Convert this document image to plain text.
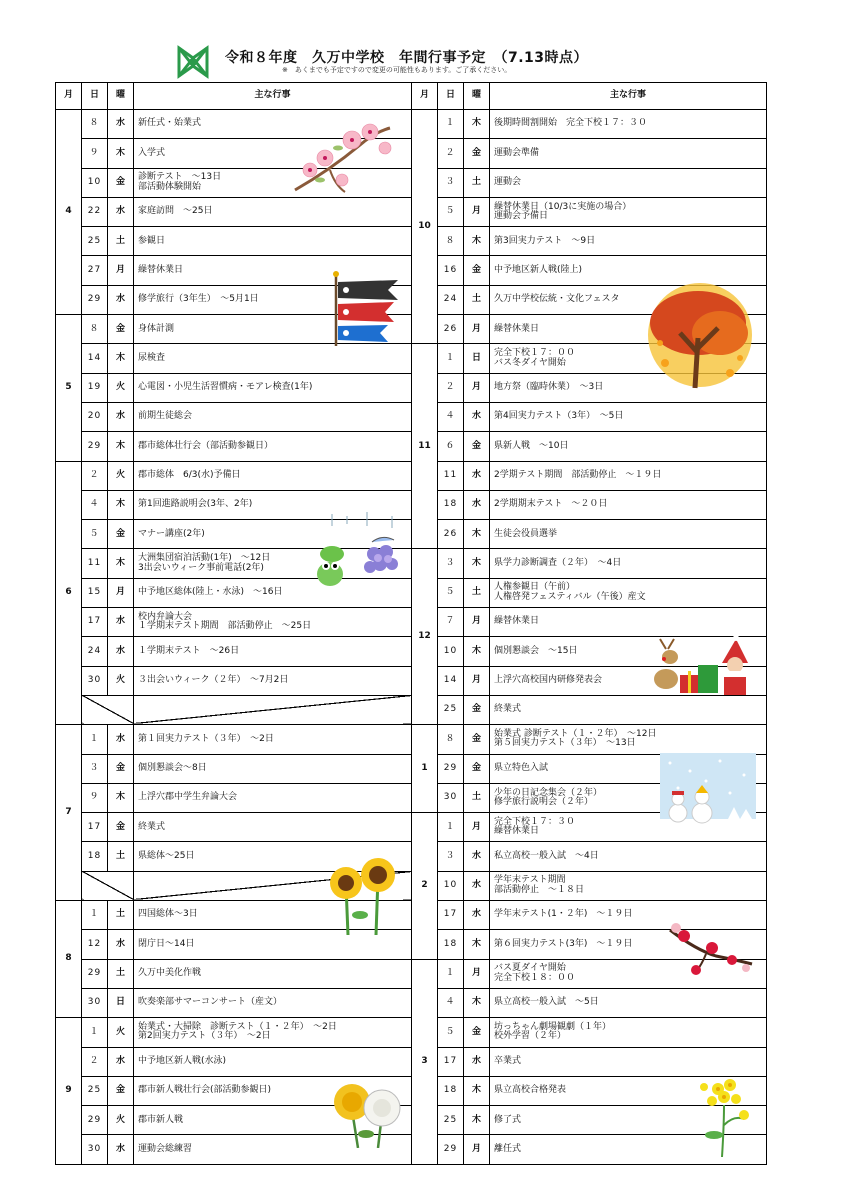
令和８年度　久万中学校　年間行事予定　（7.13時点）
※　あくまでも予定ですので変更の可能性もあります。ご了承ください。
月	日	曜	主な行事
4	８	水	新任式・始業式
	９	木	入学式
	10	金	診断テスト　～13日
部活動体験開始
	22	水	家庭訪問　～25日
	25	土	参観日
	27	月	繰替休業日
	29	水	修学旅行（3年生）　～5月1日
5	８	金	身体計測
	14	木	尿検査
	19	火	心電図・小児生活習慣病・モアレ検査(1年)
	20	水	前期生徒総会
	29	木	郡市総体壮行会（部活動参観日）
6	２	火	郡市総体　6/3(水)予備日
	４	木	第1回進路説明会(3年、2年)
	５	金	マナー講座(2年)
	11	木	大洲集団宿泊活動(1年)　～12日
3出会いウィーク事前電話(2年)
	15	月	中予地区総体(陸上・水泳)　～16日
	17	水	校内弁論大会
１学期末テスト期間　部活動停止　～25日
	24	水	１学期末テスト　～26日
	30	火	３出会いウィーク（２年）　～7月2日

7	１	水	第１回実力テスト（３年）　～2日
	３	金	個別懇談会～8日
	９	木	上浮穴郡中学生弁論大会
	17	金	終業式
	18	土	県総体～25日

8	１	土	四国総体～3日
	12	水	閉庁日～14日
	29	土	久万中美化作戦
	30	日	吹奏楽部サマーコンサート（産文）
9	１	火	始業式・大掃除　診断テスト（１・２年）　～2日
第2回実力テスト（３年）　～2日
	２	水	中予地区新人戦(水泳)
	25	金	郡市新人戦壮行会(部活動参観日)
	29	火	郡市新人戦
	30	水	運動会総練習
月	日	曜	主な行事
10	１	木	後期時間割開始　完全下校１７：３０
	２	金	運動会準備
	３	土	運動会
	５	月	繰替休業日（10/3に実施の場合）
運動会予備日
	８	木	第3回実力テスト　～9日
	16	金	中予地区新人戦(陸上)
	24	土	久万中学校伝統・文化フェスタ
	26	月	繰替休業日
11	１	日	完全下校１７：００
バス冬ダイヤ開始
	２	月	地方祭（臨時休業）　～3日
	４	水	第4回実力テスト（3年）　～5日
	６	金	県新人戦　～10日
	11	水	2学期テスト期間　部活動停止　～１９日
	18	水	2学期期末テスト　～２０日
	26	木	生徒会役員選挙
12	３	木	県学力診断調査（２年）　～4日
	５	土	人権参観日（午前）
人権啓発フェスティバル（午後）産文
	７	月	繰替休業日
	10	木	個別懇談会　～15日
	14	月	上浮穴高校国内研修発表会
	25	金	終業式
1	８	金	始業式 診断テスト（１・２年）　～12日
第５回実力テスト（３年）　～13日
	29	金	県立特色入試
	30	土	少年の日記念集会（２年）
修学旅行説明会（２年）
2	１	月	完全下校１７：３０
繰替休業日
	３	水	私立高校一般入試　～4日
	10	水	学年末テスト期間
部活動停止　～１８日
	17	水	学年末テスト(1・２年)　～１９日
	18	木	第６回実力テスト(3年)　～１９日
3	１	月	バス夏ダイヤ開始
完全下校１８：００
	４	木	県立高校一般入試　～5日
	５	金	坊っちゃん劇場観劇（１年）
校外学習（２年）
	17	水	卒業式
	18	木	県立高校合格発表
	25	木	修了式
	29	月	離任式
